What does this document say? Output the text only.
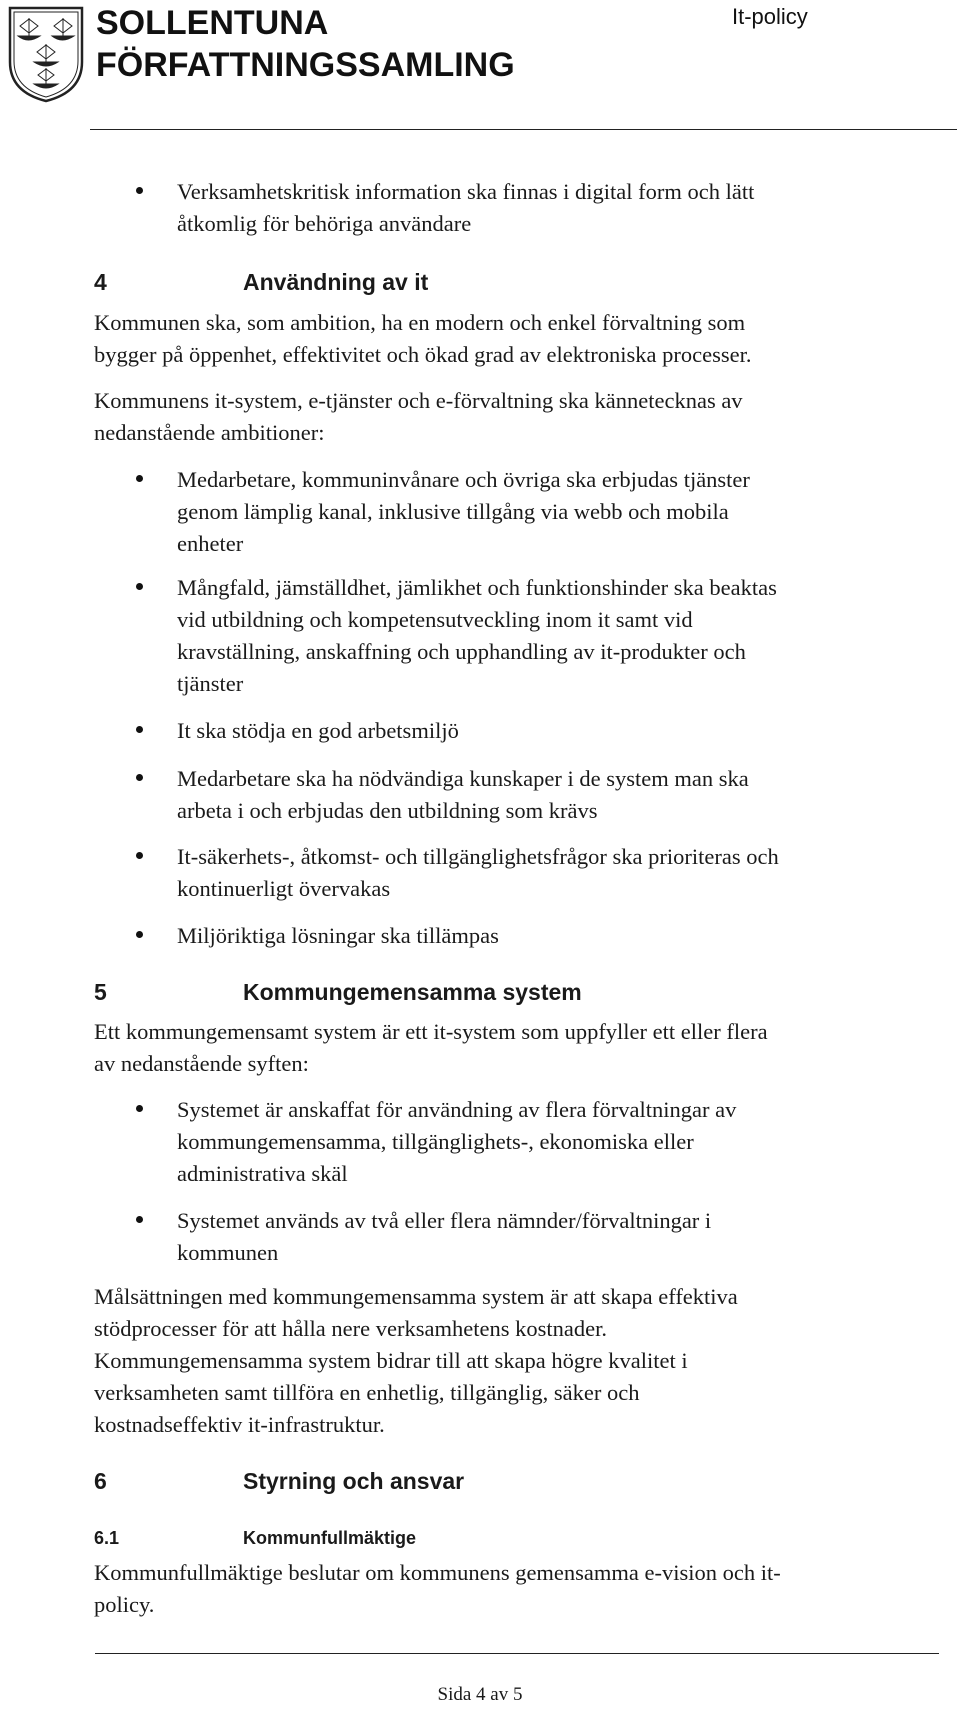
SOLLENTUNA
FÖRFATTNINGSSAMLING
It-policy
Verksamhetskritisk information ska finnas i digital form och lätt
åtkomlig för behöriga användare
4	Användning av it
Kommunen ska, som ambition, ha en modern och enkel förvaltning som
bygger på öppenhet, effektivitet och ökad grad av elektroniska processer.
Kommunens it-system, e-tjänster och e-förvaltning ska kännetecknas av
nedanstående ambitioner:
Medarbetare, kommuninvånare och övriga ska erbjudas tjänster
genom lämplig kanal, inklusive tillgång via webb och mobila
enheter
Mångfald, jämställdhet, jämlikhet och funktionshinder ska beaktas
vid utbildning och kompetensutveckling inom it samt vid
kravställning, anskaffning och upphandling av it-produkter och
tjänster
It ska stödja en god arbetsmiljö
Medarbetare ska ha nödvändiga kunskaper i de system man ska
arbeta i och erbjudas den utbildning som krävs
It-säkerhets-, åtkomst- och tillgänglighetsfrågor ska prioriteras och
kontinuerligt övervakas
Miljöriktiga lösningar ska tillämpas
5	Kommungemensamma system
Ett kommungemensamt system är ett it-system som uppfyller ett eller flera
av nedanstående syften:
Systemet är anskaffat för användning av flera förvaltningar av
kommungemensamma, tillgänglighets-, ekonomiska eller
administrativa skäl
Systemet används av två eller flera nämnder/förvaltningar i
kommunen
Målsättningen med kommungemensamma system är att skapa effektiva
stödprocesser för att hålla nere verksamhetens kostnader.
Kommungemensamma system bidrar till att skapa högre kvalitet i
verksamheten samt tillföra en enhetlig, tillgänglig, säker och
kostnadseffektiv it-infrastruktur.
6	Styrning och ansvar
6.1	Kommunfullmäktige
Kommunfullmäktige beslutar om kommunens gemensamma e-vision och it-
policy.
Sida 4 av 5
